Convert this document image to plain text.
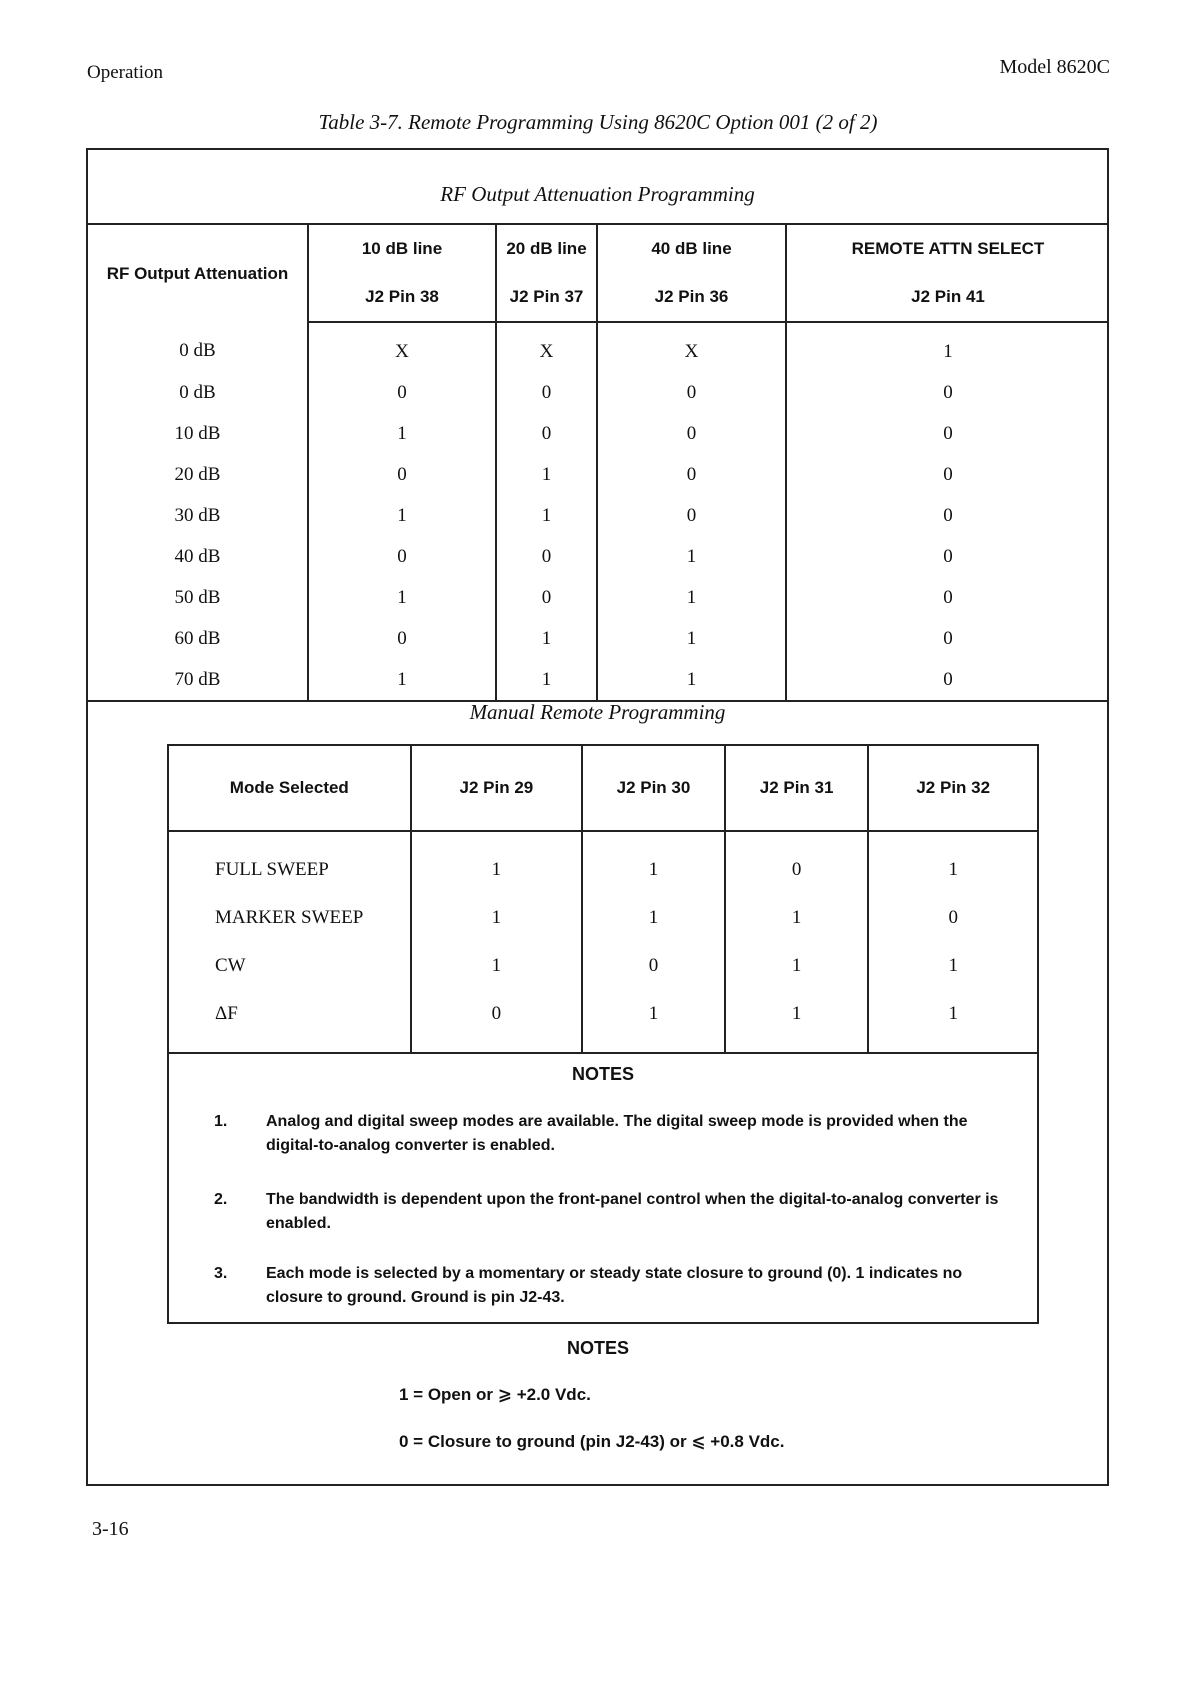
Operation	Model 8620C
Table 3-7. Remote Programming Using 8620C Option 001 (2 of 2)
RF Output Attenuation Programming
RF Output Attenuation	10 dB line	20 dB line	40 dB line	REMOTE ATTN SELECT
	J2 Pin 38	J2 Pin 37	J2 Pin 36	J2 Pin 41
0 dB	X	X	X	1
0 dB	0	0	0	0
10 dB	1	0	0	0
20 dB	0	1	0	0
30 dB	1	1	0	0
40 dB	0	0	1	0
50 dB	1	0	1	0
60 dB	0	1	1	0
70 dB	1	1	1	0
Manual Remote Programming
Mode Selected	J2 Pin 29	J2 Pin 30	J2 Pin 31	J2 Pin 32
FULL SWEEP	1	1	0	1
MARKER SWEEP	1	1	1	0
CW	1	0	1	1
ΔF	0	1	1	1
NOTES
1.	Analog and digital sweep modes are available. The digital sweep mode is provided when the digital-to-analog converter is enabled.
2.	The bandwidth is dependent upon the front-panel control when the digital-to-analog converter is enabled.
3.	Each mode is selected by a momentary or steady state closure to ground (0). 1 indicates no closure to ground. Ground is pin J2-43.
NOTES
1 = Open or ⩾ +2.0 Vdc.
0 = Closure to ground (pin J2-43) or ⩽ +0.8 Vdc.
3-16
